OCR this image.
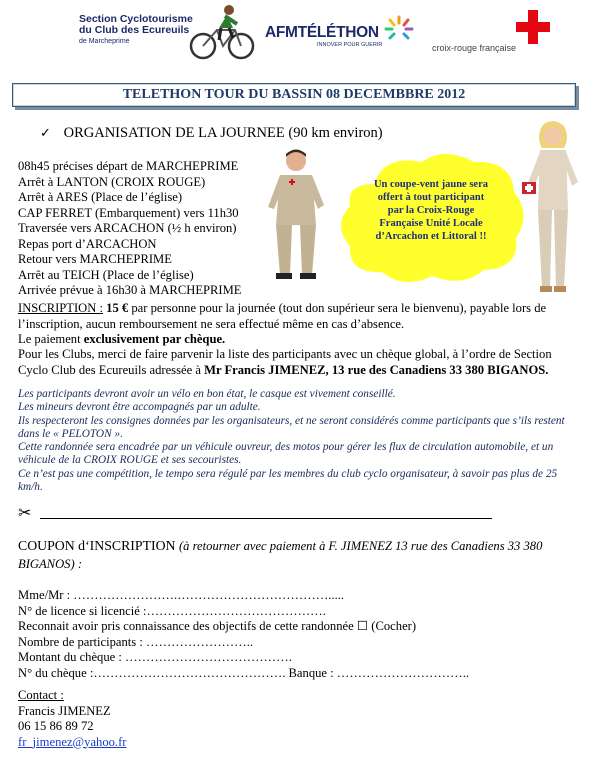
Section Cyclotourisme
du Club des Ecureuils
de Marcheprime
AFMTÉLÉTHON
INNOVER POUR GUERIR	croix-rouge française
TELETHON TOUR DU BASSIN 08 DECEMBBRE 2012
✓ ORGANISATION DE LA JOURNEE (90 km environ)
08h45 précises départ de MARCHEPRIME
Arrêt à LANTON (CROIX ROUGE)
Arrêt à ARES (Place de l’église)
CAP FERRET (Embarquement) vers 11h30
Traversée vers ARCACHON (½ h environ)
Repas port d’ARCACHON
Retour vers MARCHEPRIME
Arrêt au TEICH (Place de l’église)
Arrivée prévue à 16h30 à MARCHEPRIME
Un coupe-vent jaune sera
offert à tout participant
par la Croix-Rouge
Française Unité Locale
d’Arcachon et Littoral !!
INSCRIPTION : 15 € par personne pour la journée (tout don supérieur sera le bienvenu), payable lors de l’inscription, aucun remboursement ne sera effectué même en cas d’absence.
Le paiement exclusivement par chèque.
Pour les Clubs, merci de faire parvenir la liste des participants avec un chèque global, à l’ordre de Section Cyclo Club des Ecureuils adressée à Mr Francis JIMENEZ, 13 rue des Canadiens 33 380 BIGANOS.
Les participants devront avoir un vélo en bon état, le casque est vivement conseillé.
Les mineurs devront être accompagnés par un adulte.
Ils respecteront les consignes données par les organisateurs, et ne seront considérés comme participants que s’ils restent dans le « PELOTON ».
Cette randonnée sera encadrée par un véhicule ouvreur, des motos pour gérer les flux de circulation automobile, et un véhicule de la CROIX ROUGE et ses secouristes.
Ce n’est pas une compétition, le tempo sera régulé par les membres du club cyclo organisateur, à savoir pas plus de 25 km/h.
✂
COUPON d‘INSCRIPTION (à retourner avec paiement à F. JIMENEZ 13 rue des Canadiens 33 380 BIGANOS) :
Mme/Mr : …………………….……………………………….....
N° de licence si licencié :…………………………………….
Reconnait avoir pris connaissance des objectifs de cette randonnée ☐ (Cocher)
Nombre de participants : ……………………..
Montant du chèque : ………………………………….
N° du chèque :………………………………………. Banque : …………………………..
Contact :
Francis JIMENEZ
06 15 86 89 72
fr_jimenez@yahoo.fr
